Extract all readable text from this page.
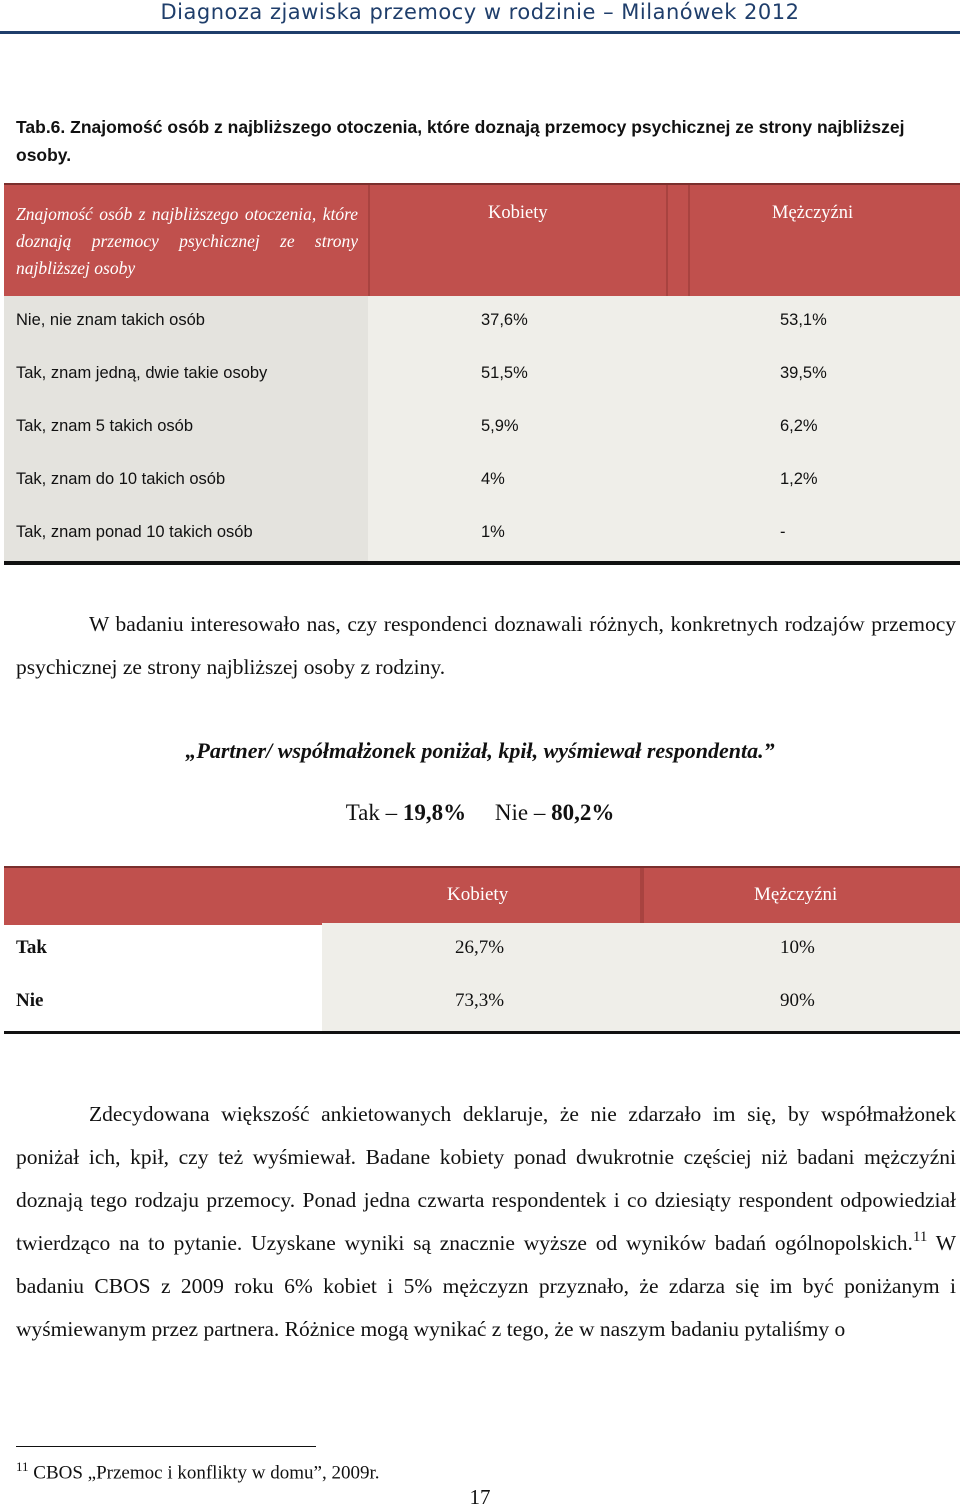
Diagnoza zjawiska przemocy w rodzinie – Milanówek 2012
Tab.6. Znajomość osób z najbliższego otoczenia, które doznają przemocy psychicznej ze strony najbliższej osoby.
Znajomość osób z najbliższego otoczenia, które doznają przemocy psychicznej ze strony najbliższej osoby
Kobiety	Mężczyźni
Nie, nie znam takich osób	37,6%	53,1%
Tak, znam jedną, dwie takie osoby	51,5%	39,5%
Tak, znam 5 takich osób	5,9%	6,2%
Tak, znam do 10 takich osób	4%	1,2%
Tak, znam ponad 10 takich osób	1%	-
W badaniu interesowało nas, czy respondenci doznawali różnych, konkretnych rodzajów przemocy psychicznej ze strony najbliższej osoby z rodziny.
„Partner/ współmałżonek poniżał, kpił, wyśmiewał respondenta.”
Tak – 19,8% Nie – 80,2%
Kobiety	Mężczyźni
Tak	26,7%	10%
Nie	73,3%	90%
Zdecydowana większość ankietowanych deklaruje, że nie zdarzało im się, by współmałżonek poniżał ich, kpił, czy też wyśmiewał. Badane kobiety ponad dwukrotnie częściej niż badani mężczyźni doznają tego rodzaju przemocy. Ponad jedna czwarta respondentek i co dziesiąty respondent odpowiedział twierdząco na to pytanie. Uzyskane wyniki są znacznie wyższe od wyników badań ogólnopolskich.$^{11}$ W badaniu CBOS z 2009 roku 6% kobiet i 5% mężczyzn przyznało, że zdarza się im być poniżanym i wyśmiewanym przez partnera. Różnice mogą wynikać z tego, że w naszym badaniu pytaliśmy o
$^{11}$ CBOS „Przemoc i konflikty w domu”, 2009r.
17
